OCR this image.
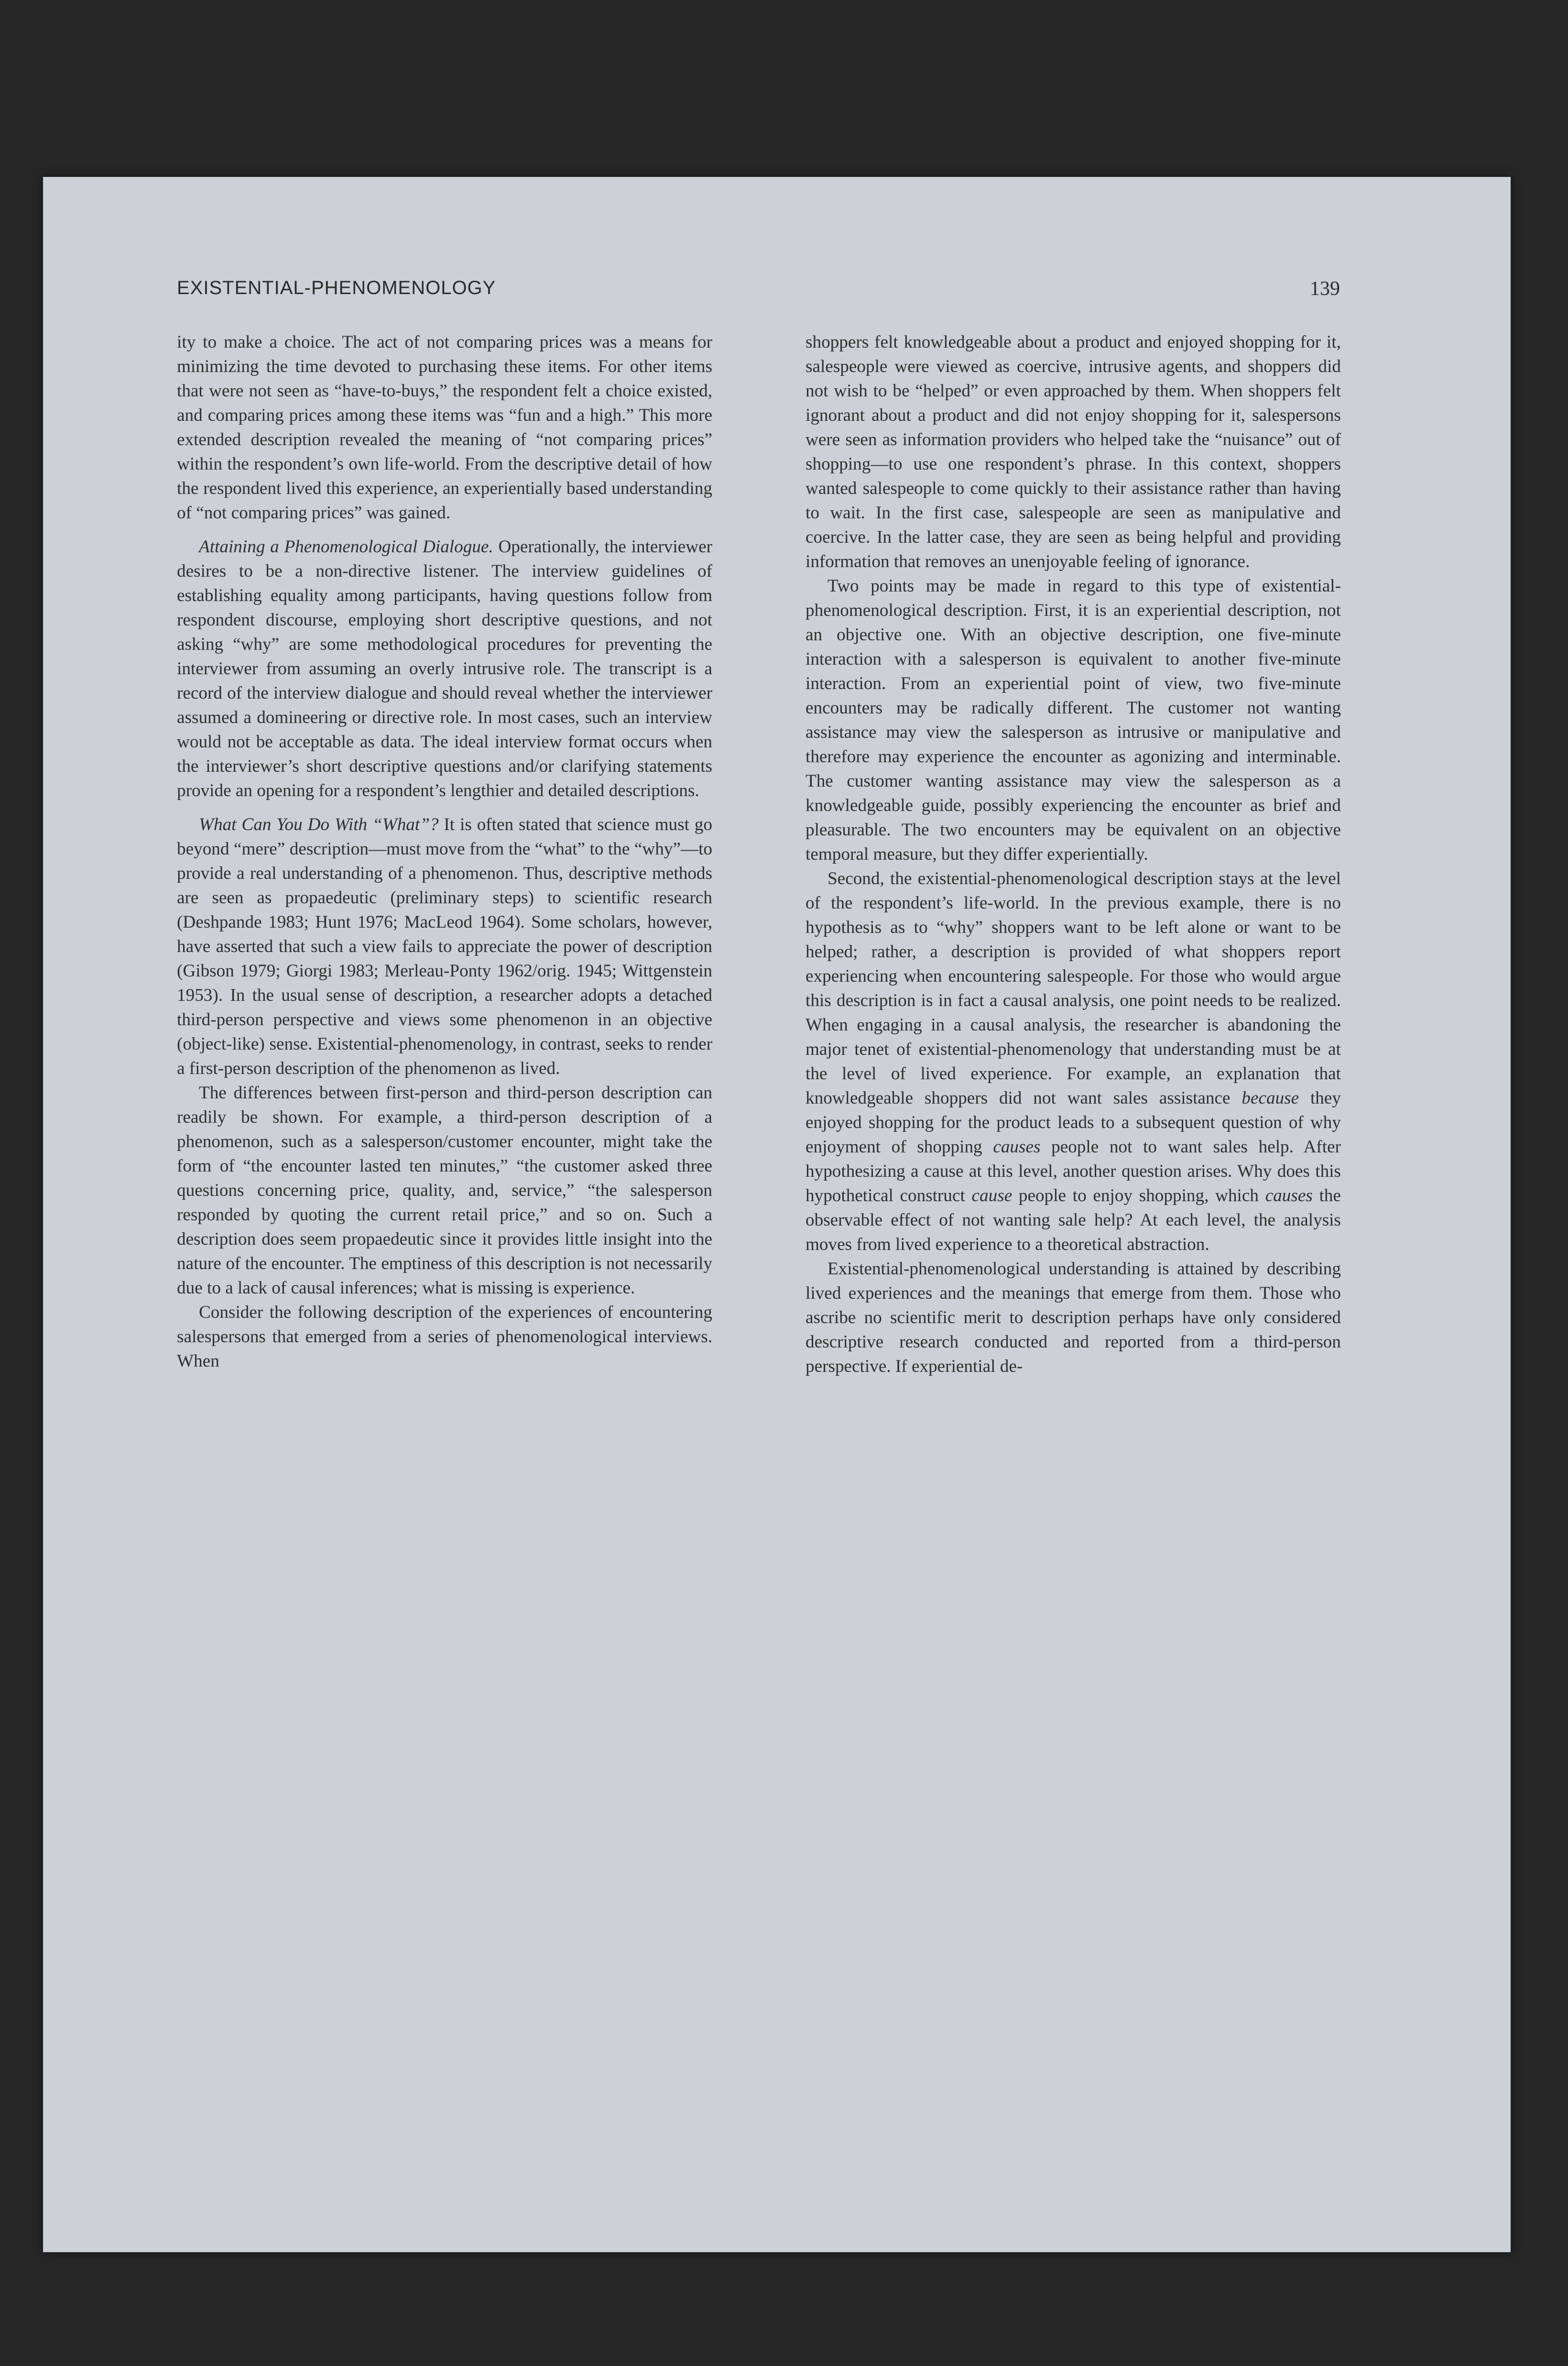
EXISTENTIAL-PHENOMENOLOGY	139

ity to make a choice. The act of not comparing prices was a means for minimizing the time devoted to purchasing these items. For other items that were not seen as “have-to-buys,” the respondent felt a choice existed, and comparing prices among these items was “fun and a high.” This more extended description revealed the meaning of “not comparing prices” within the respondent’s own life-world. From the descriptive detail of how the respondent lived this experience, an experientially based understanding of “not comparing prices” was gained.

Attaining a Phenomenological Dialogue. Operationally, the interviewer desires to be a non-directive listener. The interview guidelines of establishing equality among participants, having questions follow from respondent discourse, employing short descriptive questions, and not asking “why” are some methodological procedures for preventing the interviewer from assuming an overly intrusive role. The transcript is a record of the interview dialogue and should reveal whether the interviewer assumed a domineering or directive role. In most cases, such an interview would not be acceptable as data. The ideal interview format occurs when the interviewer’s short descriptive questions and/or clarifying statements provide an opening for a respondent’s lengthier and detailed descriptions.

What Can You Do With “What”? It is often stated that science must go beyond “mere” description—must move from the “what” to the “why”—to provide a real understanding of a phenomenon. Thus, descriptive methods are seen as propaedeutic (preliminary steps) to scientific research (Deshpande 1983; Hunt 1976; MacLeod 1964). Some scholars, however, have asserted that such a view fails to appreciate the power of description (Gibson 1979; Giorgi 1983; Merleau-Ponty 1962/orig. 1945; Wittgenstein 1953). In the usual sense of description, a researcher adopts a detached third-person perspective and views some phenomenon in an objective (object-like) sense. Existential-phenomenology, in contrast, seeks to render a first-person description of the phenomenon as lived.

The differences between first-person and third-person description can readily be shown. For example, a third-person description of a phenomenon, such as a salesperson/customer encounter, might take the form of “the encounter lasted ten minutes,” “the customer asked three questions concerning price, quality, and, service,” “the salesperson responded by quoting the current retail price,” and so on. Such a description does seem propaedeutic since it provides little insight into the nature of the encounter. The emptiness of this description is not necessarily due to a lack of causal inferences; what is missing is experience.

Consider the following description of the experiences of encountering salespersons that emerged from a series of phenomenological interviews. When

shoppers felt knowledgeable about a product and enjoyed shopping for it, salespeople were viewed as coercive, intrusive agents, and shoppers did not wish to be “helped” or even approached by them. When shoppers felt ignorant about a product and did not enjoy shopping for it, salespersons were seen as information providers who helped take the “nuisance” out of shopping—to use one respondent’s phrase. In this context, shoppers wanted salespeople to come quickly to their assistance rather than having to wait. In the first case, salespeople are seen as manipulative and coercive. In the latter case, they are seen as being helpful and providing information that removes an unenjoyable feeling of ignorance.

Two points may be made in regard to this type of existential-phenomenological description. First, it is an experiential description, not an objective one. With an objective description, one five-minute interaction with a salesperson is equivalent to another five-minute interaction. From an experiential point of view, two five-minute encounters may be radically different. The customer not wanting assistance may view the salesperson as intrusive or manipulative and therefore may experience the encounter as agonizing and interminable. The customer wanting assistance may view the salesperson as a knowledgeable guide, possibly experiencing the encounter as brief and pleasurable. The two encounters may be equivalent on an objective temporal measure, but they differ experientially.

Second, the existential-phenomenological description stays at the level of the respondent’s life-world. In the previous example, there is no hypothesis as to “why” shoppers want to be left alone or want to be helped; rather, a description is provided of what shoppers report experiencing when encountering salespeople. For those who would argue this description is in fact a causal analysis, one point needs to be realized. When engaging in a causal analysis, the researcher is abandoning the major tenet of existential-phenomenology that understanding must be at the level of lived experience. For example, an explanation that knowledgeable shoppers did not want sales assistance because they enjoyed shopping for the product leads to a subsequent question of why enjoyment of shopping causes people not to want sales help. After hypothesizing a cause at this level, another question arises. Why does this hypothetical construct cause people to enjoy shopping, which causes the observable effect of not wanting sale help? At each level, the analysis moves from lived experience to a theoretical abstraction.

Existential-phenomenological understanding is attained by describing lived experiences and the meanings that emerge from them. Those who ascribe no scientific merit to description perhaps have only considered descriptive research conducted and reported from a third-person perspective. If experiential de-
